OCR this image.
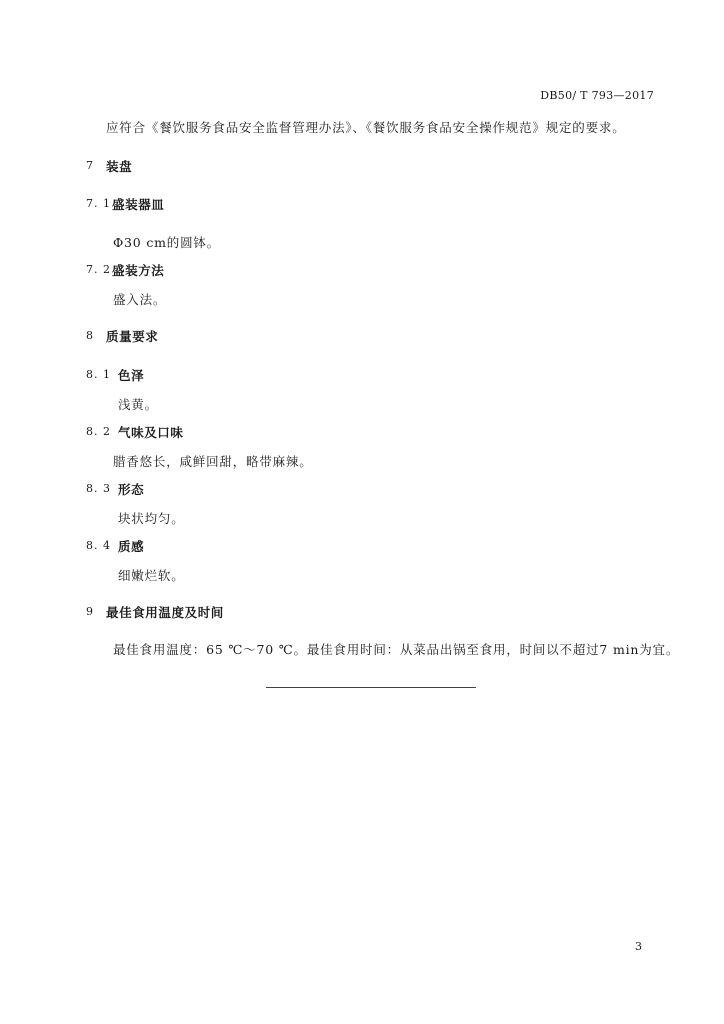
DB50/ T 793—2017
应符合《餐饮服务食品安全监督管理办法》、《餐饮服务食品安全操作规范》规定的要求。
7 装盘
7. 1 盛装器皿
Φ30 cm的圆钵。
7. 2 盛装方法
盛入法。
8 质量要求
8. 1 色泽
浅黄。
8. 2 气味及口味
腊香悠长，咸鲜回甜，略带麻辣。
8. 3 形态
块状均匀。
8. 4 质感
细嫩烂软。
9 最佳食用温度及时间
最佳食用温度：65 ℃～70 ℃。最佳食用时间：从菜品出锅至食用，时间以不超过7 min为宜。
3
